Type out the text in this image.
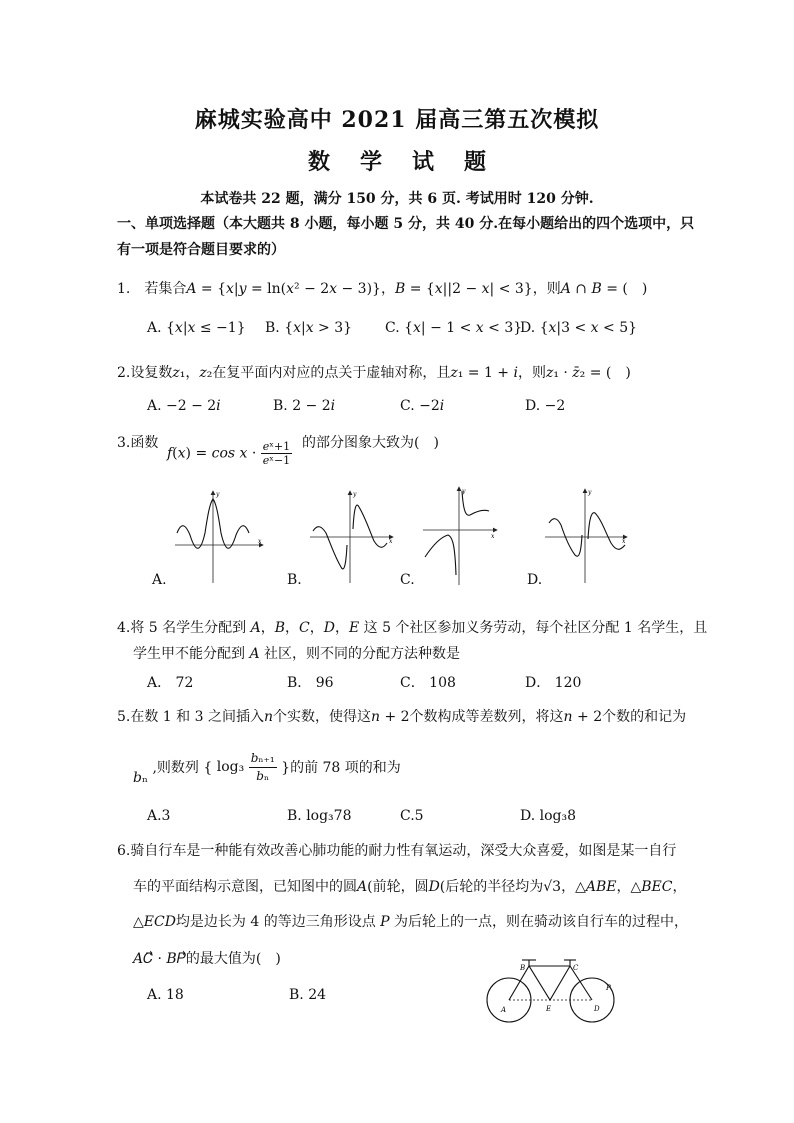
麻城实验高中 2021 届高三第五次模拟
数学试题
本试卷共 22 题，满分 150 分，共 6 页. 考试用时 120 分钟.
一、单项选择题（本大题共 8 小题，每小题 5 分，共 40 分.在每小题给出的四个选项中，只
有一项是符合题目要求的）
1.　若集合𝐴 = {𝑥|𝑦 = ln(𝑥² − 2𝑥 − 3)}，𝐵 = {𝑥||2 − 𝑥| < 3}，则𝐴 ∩ 𝐵 = (　)
A. {𝑥|𝑥 ≤ −1} B. {𝑥|𝑥 > 3} C. {𝑥| − 1 < 𝑥 < 3}
D. {𝑥|3 < 𝑥 < 5}
2.设复数𝑧₁，𝑧₂在复平面内对应的点关于虚轴对称，且𝑧₁ = 1 + 𝑖，则𝑧₁ · 𝑧̄₂ = (　)
A. −2 − 2𝑖	B. 2 − 2𝑖	C. −2𝑖	D. −2
3.函数
𝑓(𝑥) = 𝑐𝑜𝑠 𝑥 · $\frac{\text{𝑒ˣ+1}}{\text{𝑒ˣ−1}}$ 的部分图象大致为(　)
x
y
x
y
x
y
x
y
A.	B.	C.	D.
4.将 5 名学生分配到 𝐴，𝐵，𝐶，𝐷，𝐸 这 5 个社区参加义务劳动，每个社区分配 1 名学生，且
学生甲不能分配到 𝐴 社区，则不同的分配方法种数是
A． 72	B． 96	C． 108	D． 120
5.在数 1 和 3 之间插入𝑛个实数，使得这𝑛 + 2个数构成等差数列，将这𝑛 + 2个数的和记为
𝑏ₙ ,则数列 { $\log_3 \frac{\text{𝑏ₙ₊₁}}{\text{𝑏ₙ}}$ }的前 78 项的和为
A.3	B. log₃78	C.5	D. log₃8
6.骑自行车是一种能有效改善心肺功能的耐力性有氧运动，深受大众喜爱，如图是某一自行
车的平面结构示意图，已知图中的圆𝐴(前轮，圆𝐷(后轮的半径均为√3，△𝐴𝐵𝐸，△𝐵𝐸𝐶，
△𝐸𝐶𝐷均是边长为 4 的等边三角形设点 𝑃 为后轮上的一点，则在骑动该自行车的过程中，
𝐴𝐶⃗ · 𝐵𝑃⃗的最大值为(　)
A. 18	B. 24
B	C
A	E	D
P
